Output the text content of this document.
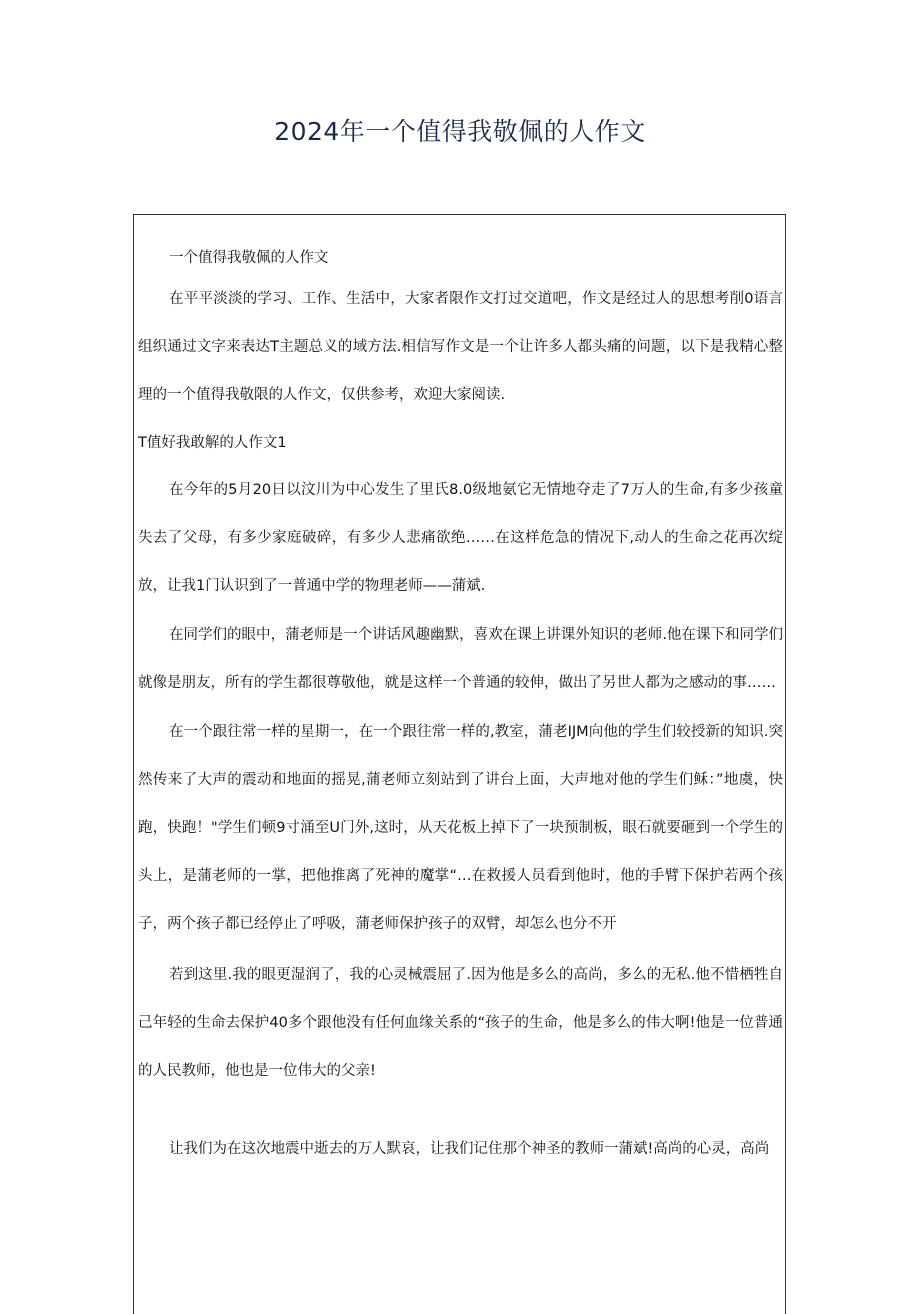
2024年一个值得我敬佩的人作文

一个值得我敬佩的人作文

在平平淡淡的学习、工作、生活中，大家者限作文打过交道吧，作文是经过人的思想考削0语言组织通过文字来表达T主题总义的域方法.相信写作文是一个让许多人都头痛的问题，以下是我精心整理的一个值得我敬限的人作文，仅供参考，欢迎大家阅读.

T值好我敢解的人作文1

在今年的5月20日以汶川为中心发生了里氏8.0级地氨它无情地夺走了7万人的生命,有多少孩童失去了父母，有多少家庭破碎，有多少人悲痛欲绝……在这样危急的情况下,动人的生命之花再次绽放，让我1门认识到了一普通中学的物理老师——蒲斌.

在同学们的眼中，蒲老师是一个讲话风趣幽默，喜欢在课上讲课外知识的老师.他在课下和同学们就像是朋友，所有的学生都很尊敬他，就是这样一个普通的较伸，做出了另世人都为之感动的事……

在一个跟往常一样的星期一，在一个跟往常一样的,教室，蒲老IJM向他的学生们较授新的知识.突然传来了大声的震动和地面的摇晃,蒲老师立刻站到了讲台上面，大声地对他的学生们稣：”地虞，快跑，快跑！"学生们顿9寸涌至U门外,这时，从天花板上掉下了一块预制板，眼石就要砸到一个学生的头上，是蒲老师的一掌，把他推离了死神的魔掌“…在救援人员看到他时，他的手臂下保护若两个孩子，两个孩子都已经停止了呼吸，蒲老师保护孩子的双臂，却怎么也分不开

若到这里.我的眼更湿润了，我的心灵械震屈了.因为他是多么的高尚，多么的无私.他不惜栖牲自己年轻的生命去保护40多个跟他没有任何血缘关系的“孩子的生命，他是多么的伟大啊!他是一位普通的人民教师，他也是一位伟大的父亲!

让我们为在这次地震中逝去的万人默哀，让我们记住那个神圣的教师一蒲斌!高尚的心灵，高尚
